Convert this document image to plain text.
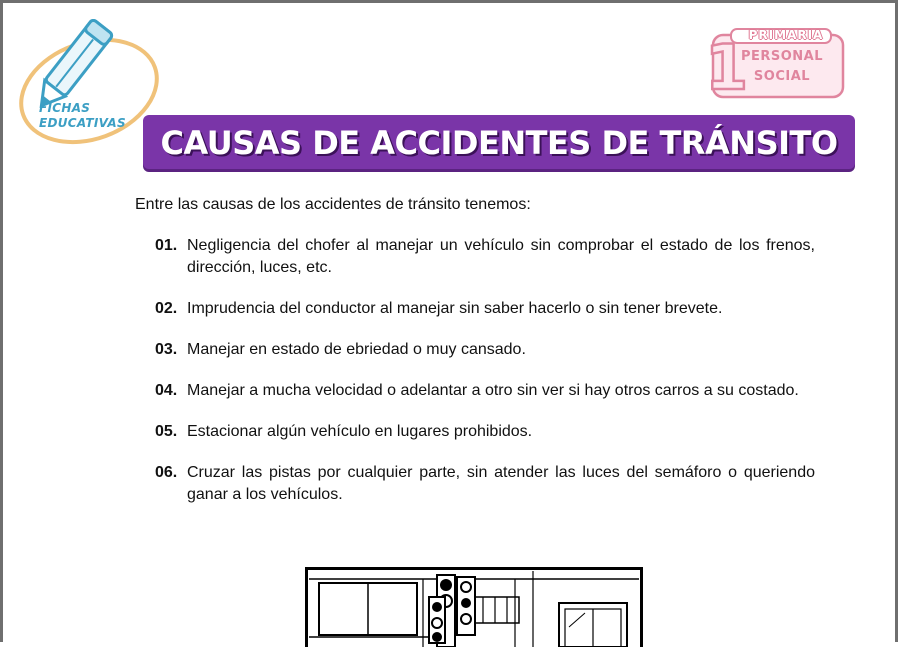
FICHAS
EDUCATIVAS
1 PRIMARIA
PERSONAL
SOCIAL
CAUSAS DE ACCIDENTES DE TRÁNSITO
Entre las causas de los accidentes de tránsito tenemos:
01. Negligencia del chofer al manejar un vehículo sin comprobar el estado de los frenos, dirección, luces, etc.
02. Imprudencia del conductor al manejar sin saber hacerlo o sin tener brevete.
03. Manejar en estado de ebriedad o muy cansado.
04. Manejar a mucha velocidad o adelantar a otro sin ver si hay otros carros a su costado.
05. Estacionar algún vehículo en lugares prohibidos.
06. Cruzar las pistas por cualquier parte, sin atender las luces del semáforo o queriendo ganar a los vehículos.
